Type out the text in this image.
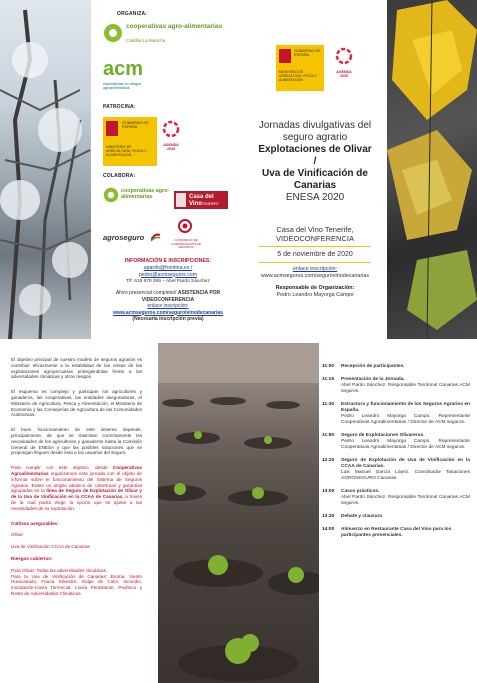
ORGANIZA:
cooperativas agro-alimentarias
Castilla-La Mancha
acm
especialistas en riesgos agroalimentarios
GOBIERNO DE ESPAÑA
MINISTERIO DE AGRICULTURA, PESCA Y ALIMENTACIÓN
AGENDA 2030
PATROCINA:
GOBIERNO DE ESPAÑA
MINISTERIO DE AGRICULTURA, PESCA Y ALIMENTACIÓN
AGENDA 2030
COLABORA:
cooperativas agro-alimentarias	Casa del Vino TENERIFE
agroseguro	CONSORCIO DE COMPENSACIÓN DE SEGUROS
INFORMACIÓN E INSCRIPCIONES:
apardo@frontina.es /
pedro@acmseguros.com
Tlf: 615 679 369 – Abel Pardo Sánchez
Aforo presencial completo// ASISTENCIA POR VIDEOCONFERENCIA
enlace inscripción:
www.acmseguros.com/seguroivinodecanarias
(Necesaria inscripción previa)
Jornadas divulgativas del
seguro agrario
Explotaciones de Olivar
/
Uva de Vinificación de
Canarias
ENESA 2020
Casa del Vino Tenerife,
VIDEOCONFERENCIA
5 de noviembre de 2020
enlace inscripción:
www.acmseguros.com/segurovinodecanarias
Responsable de Organización:
Pedro Leandro Mayorga Campo

El objetivo principal de nuestro modelo de seguros agrarios es contribuir eficazmente a la estabilidad de las rentas de las explotaciones agropecuarias protegiéndolas frente a las adversidades climáticas y otros riesgos.

El esquema es complejo y participan los agricultores y ganaderos, las cooperativas, las entidades aseguradoras, el Ministerio de Agricultura, Pesca y Alimentación, el Ministerio de Economía y las Consejerías de Agricultura de las Comunidades Autónomas.

El buen funcionamiento de este sistema depende, principalmente, de que se trasmitan correctamente las necesidades de los agricultores y ganaderos hasta la Comisión General de ENESA y que las posibles soluciones que se propongan lleguen desde ésta a los usuarios del seguro.

Para cumplir con este objetivo, desde Cooperativas Agroalimentarias organizamos esta jornada con el objeto de informar sobre el funcionamiento del Sistema de Seguros Agrarios. Existe un amplio abanico de coberturas y garantías agrupadas en la línea de Seguro de Explotación de Olivar y de la Uva de Vinificación en la CCAA de Canarias, a través de la cual podrá elegir la opción que se ajuste a las necesidades de su explotación.

Cultivos asegurables:

Olivar

Uva de Vinificación CCAA de Canarias

Riesgos cubiertos:

Para Olivar: Todas las adversidades climáticas.

Para la Uva de Vinificación de Canarias: Bruma, Viento Huracanado, Fauna Silvestre, Golpe de Calor, Incendio, Inundación-Lluvia Torrencial, Lluvia Persistente, Pedrisco y Resto de Adversidades Climáticas.

11:00	Recepción de participantes.
11:15	Presentación de la Jornada.
Abel Pardo Sánchez. Responsable Territorial Canarias ACM seguros.
11:30	Estructura y funcionamiento de los Seguros Agrarios en España.
Pedro Leandro Mayorga Campo. Representante Cooperativas Agroalimentarias / Director de ACM seguros.
11:50	Seguro de Explotaciones Olivareras.
Pedro Leandro Mayorga Campo. Representante Cooperativas Agroalimentarias / Director de ACM seguros.
12:20	Seguro de Explotación de Uva de Vinificación en la CCAA de Canarias.
Luis Manuel García López. Coordinador Tasaciones AGROSEGURO Canarias.
13:00	Casos prácticos.
Abel Pardo Sánchez. Responsable Territorial Canarias ACM seguros.
13:30	Debate y clausura
14:00	Almuerzo en Restaurante Casa del Vino para los participantes presenciales.
